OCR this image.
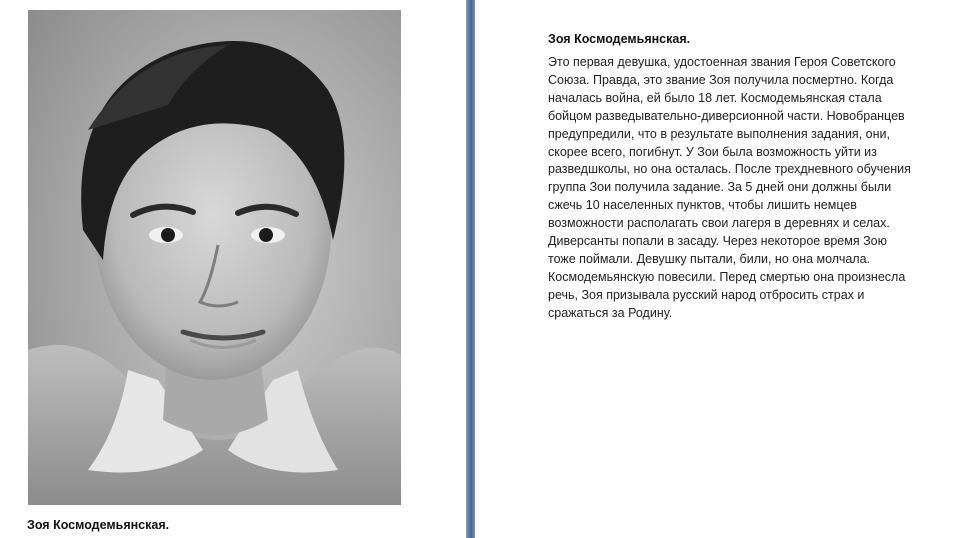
Зоя Космодемьянская.
Зоя Космодемьянская.

Это первая девушка, удостоенная звания Героя Советского
Союза. Правда, это звание Зоя получила посмертно. Когда
началась война, ей было 18 лет. Космодемьянская стала
бойцом разведывательно-диверсионной части. Новобранцев
предупредили, что в результате выполнения задания, они,
скорее всего, погибнут. У Зои была возможность уйти из
разведшколы, но она осталась. После трехдневного обучения
группа Зои получила задание. За 5 дней они должны были
сжечь 10 населенных пунктов, чтобы лишить немцев
возможности располагать свои лагеря в деревнях и селах.
Диверсанты попали в засаду. Через некоторое время Зою
тоже поймали. Девушку пытали, били, но она молчала.
Космодемьянскую повесили. Перед смертью она произнесла
речь, Зоя призывала русский народ отбросить страх и
сражаться за Родину.
